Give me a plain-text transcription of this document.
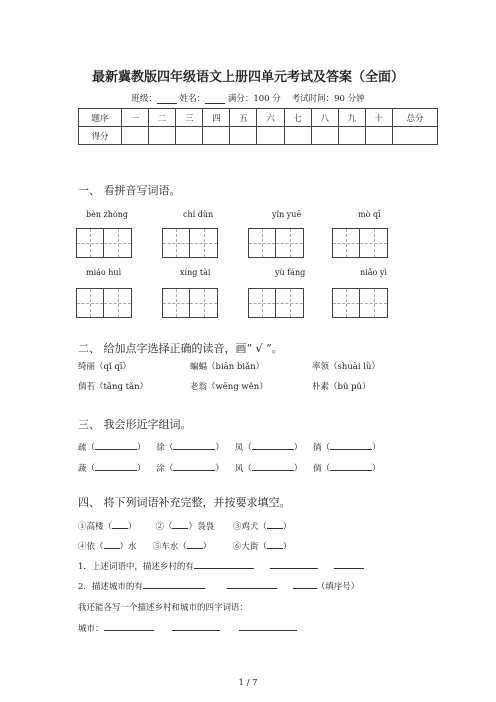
最新冀教版四年级语文上册四单元考试及答案（全面）
班级：	姓名：	满分：100 分 考试时间：90 分钟
题序	一	二	三	四	五	六	七	八	九	十	总分
得分											
一、 看拼音写词语。
bèn zhòng	chí dùn	yǐn yuē	mò qī
miáo huì	xíng tài	yù fáng	niǎo yì
二、 给加点字选择正确的读音，画“ √ ”。
绮丽（qǐ qī）	蝙蝠（biān biǎn）	率领（shuài lǜ）
倘若（tǎng tǎn）	老翁（wēng wěn）	朴素（bǔ pǔ）
三、 我会形近字组词。
疏（	） 徐（	） 凤（	） 徜（	）
蔬（	） 涂（	） 风（	） 倘（	）
四、 将下列词语补充完整，并按要求填空。
①高楼（ ） ②（ ）袅袅 ③鸡犬（ ）
④依（ ）水 ⑤车水（ ）	⑥大街（ ）
1．上述词语中，描述乡村的有
2．描述城市的有	（填序号）
我还能各写一个描述乡村和城市的四字词语：
城市：
1 / 7
